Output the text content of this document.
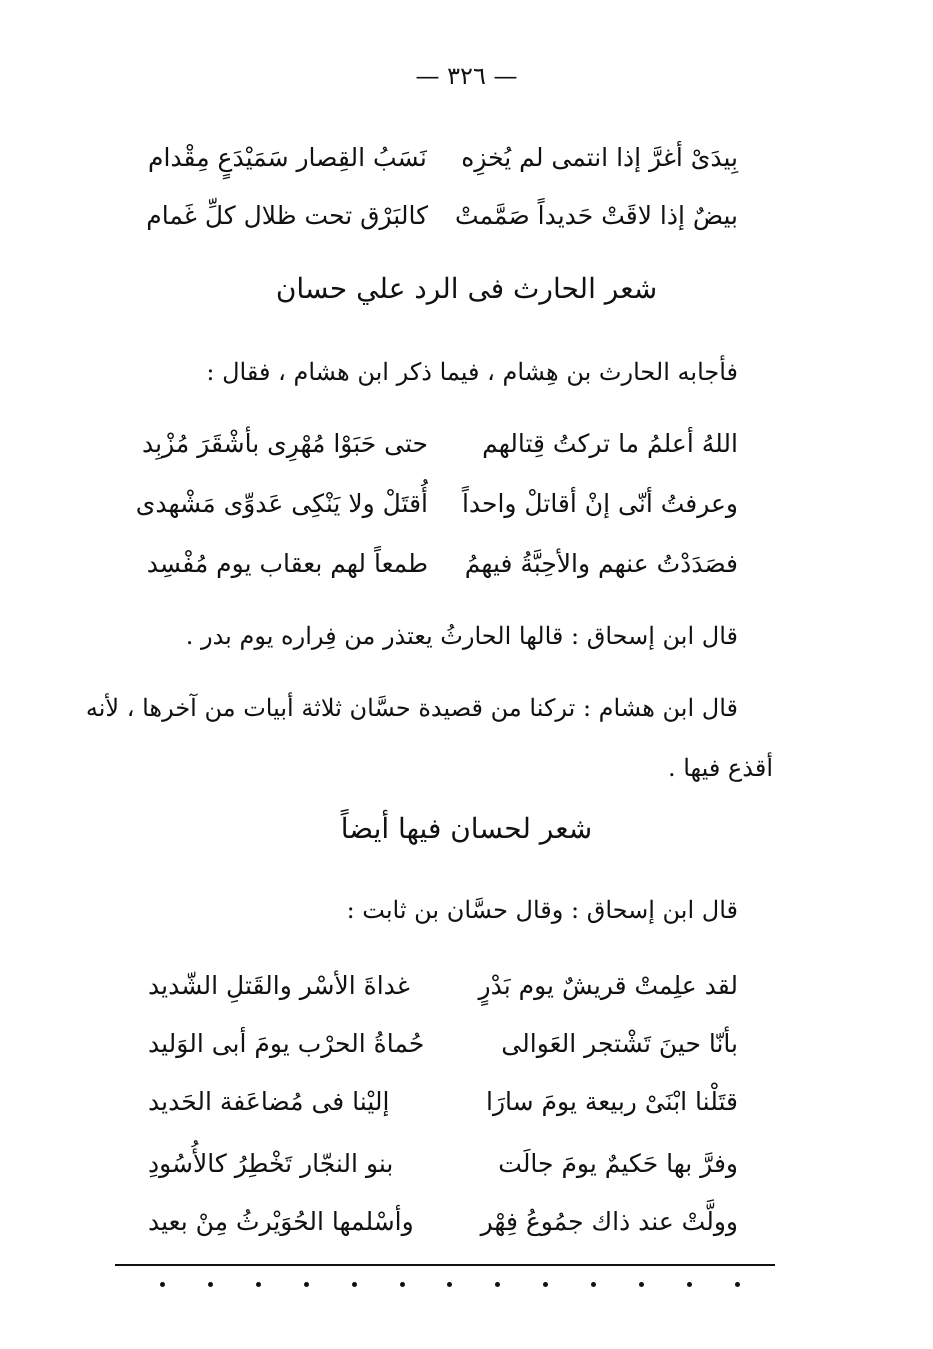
— ٣٢٦ —
بِيدَىْ أغرَّ إذا انتمى لم يُخزِه
نَسَبُ القِصار سَمَيْدَعٍ مِقْدام
بيضٌ إذا لاقَتْ حَديداً صَمَّمتْ
كالبَرْق تحت ظلال كلِّ غَمام
شعر الحارث فى الرد علي حسان
فأجابه الحارث بن هِشام ، فيما ذكر ابن هشام ، فقال :
اللهُ أعلمُ ما تركتُ قِتالهم
حتى حَبَوْا مُهْرِى بأشْقَرَ مُزْبِد
وعرفتُ أنّى إنْ أقاتلْ واحداً
أُقتَلْ ولا يَنْكِى عَدوِّى مَشْهدى
فصَدَدْتُ عنهم والأحِبَّةُ فيهمُ
طمعاً لهم بعقاب يوم مُفْسِد
قال ابن إسحاق : قالها الحارثُ يعتذر من فِراره يوم بدر .
قال ابن هشام : تركنا من قصيدة حسَّان ثلاثة أبيات من آخرها ، لأنه
أقذع فيها .
شعر لحسان فيها أيضاً
قال ابن إسحاق : وقال حسَّان بن ثابت :
لقد علِمتْ قريشٌ يوم بَدْرٍ
غداةَ الأسْر والقَتلِ الشّديد
بأنّا حينَ تَشْتجر العَوالى
حُماةُ الحرْب يومَ أبى الوَليد
قتَلْنا ابْنَىْ ربيعة يومَ سارَا
إليْنا فى مُضاعَفة الحَديد
وفرَّ بها حَكيمٌ يومَ جالَت
بنو النجّار تَخْطِرُ كالأُسُودِ
وولَّتْ عند ذاك جمُوعُ فِهْر
وأسْلمها الحُوَيْرثُ مِنْ بعيد
